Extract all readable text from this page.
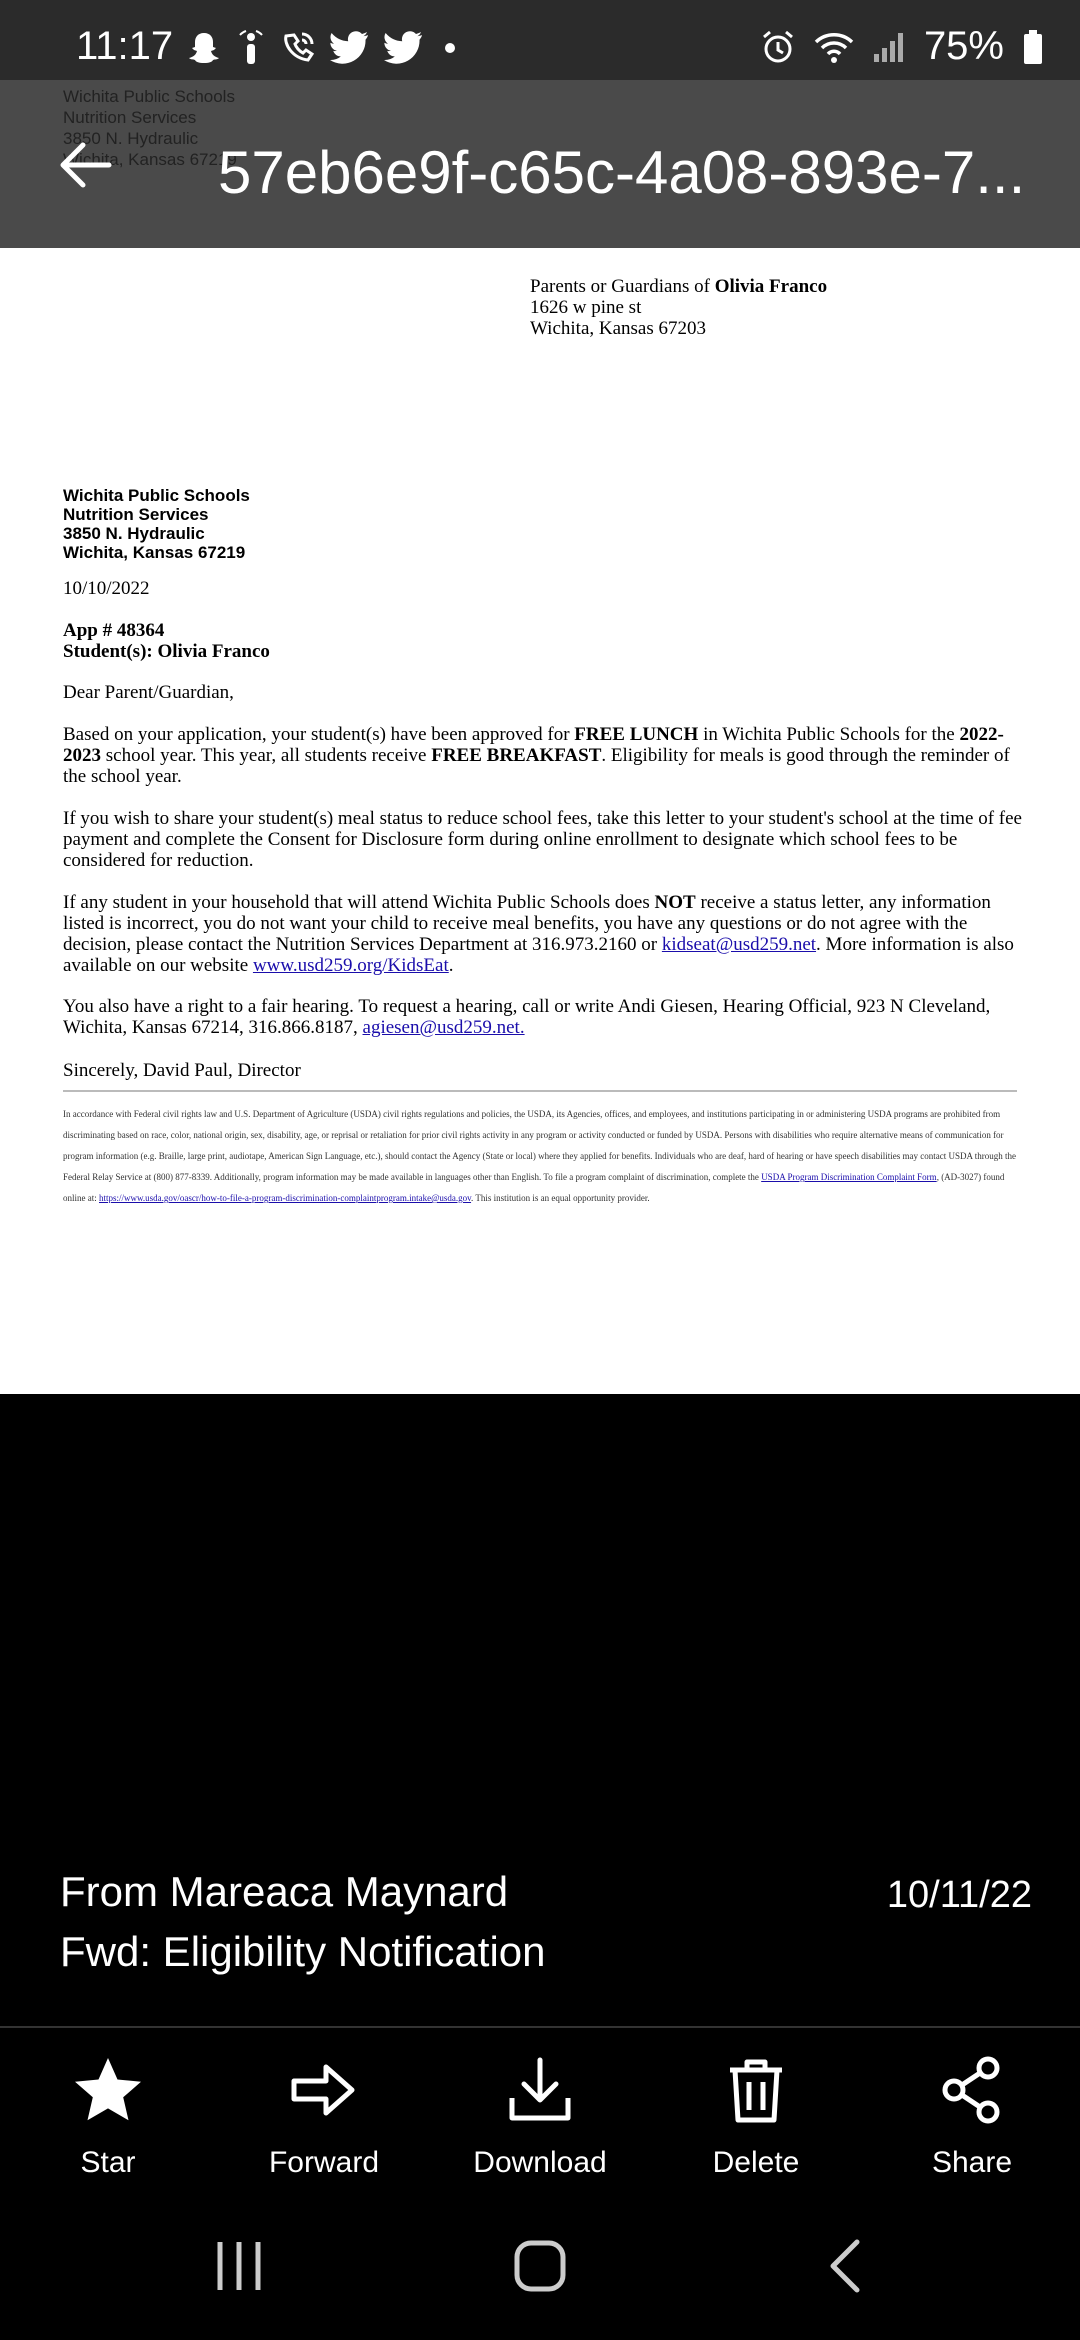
Wichita Public Schools
Nutrition Services
3850 N. Hydraulic
Wichita, Kansas 67219
11:17	75%
57eb6e9f-c65c-4a08-893e-7...
Parents or Guardians of Olivia Franco
1626 w pine st
Wichita, Kansas 67203
Wichita Public Schools
Nutrition Services
3850 N. Hydraulic
Wichita, Kansas 67219
10/10/2022
App # 48364
Student(s): Olivia Franco
Dear Parent/Guardian,
Based on your application, your student(s) have been approved for FREE LUNCH in Wichita Public Schools for the 2022-2023 school year. This year, all students receive FREE BREAKFAST. Eligibility for meals is good through the reminder of the school year.
If you wish to share your student(s) meal status to reduce school fees, take this letter to your student's school at the time of fee payment and complete the Consent for Disclosure form during online enrollment to designate which school fees to be considered for reduction.
If any student in your household that will attend Wichita Public Schools does NOT receive a status letter, any information listed is incorrect, you do not want your child to receive meal benefits, you have any questions or do not agree with the decision, please contact the Nutrition Services Department at 316.973.2160 or kidseat@usd259.net. More information is also available on our website www.usd259.org/KidsEat.
You also have a right to a fair hearing. To request a hearing, call or write Andi Giesen, Hearing Official, 923 N Cleveland, Wichita, Kansas 67214, 316.866.8187, agiesen@usd259.net.
Sincerely, David Paul, Director
In accordance with Federal civil rights law and U.S. Department of Agriculture (USDA) civil rights regulations and policies, the USDA, its Agencies, offices, and employees, and institutions participating in or administering USDA programs are prohibited from discriminating based on race, color, national origin, sex, disability, age, or reprisal or retaliation for prior civil rights activity in any program or activity conducted or funded by USDA. Persons with disabilities who require alternative means of communication for program information (e.g. Braille, large print, audiotape, American Sign Language, etc.), should contact the Agency (State or local) where they applied for benefits. Individuals who are deaf, hard of hearing or have speech disabilities may contact USDA through the Federal Relay Service at (800) 877-8339. Additionally, program information may be made available in languages other than English. To file a program complaint of discrimination, complete the USDA Program Discrimination Complaint Form, (AD-3027) found online at: https://www.usda.gov/oascr/how-to-file-a-program-discrimination-complaintprogram.intake@usda.gov. This institution is an equal opportunity provider.
From Mareaca Maynard
Fwd: Eligibility Notification
10/11/22
Star	Forward	Download	Delete	Share
